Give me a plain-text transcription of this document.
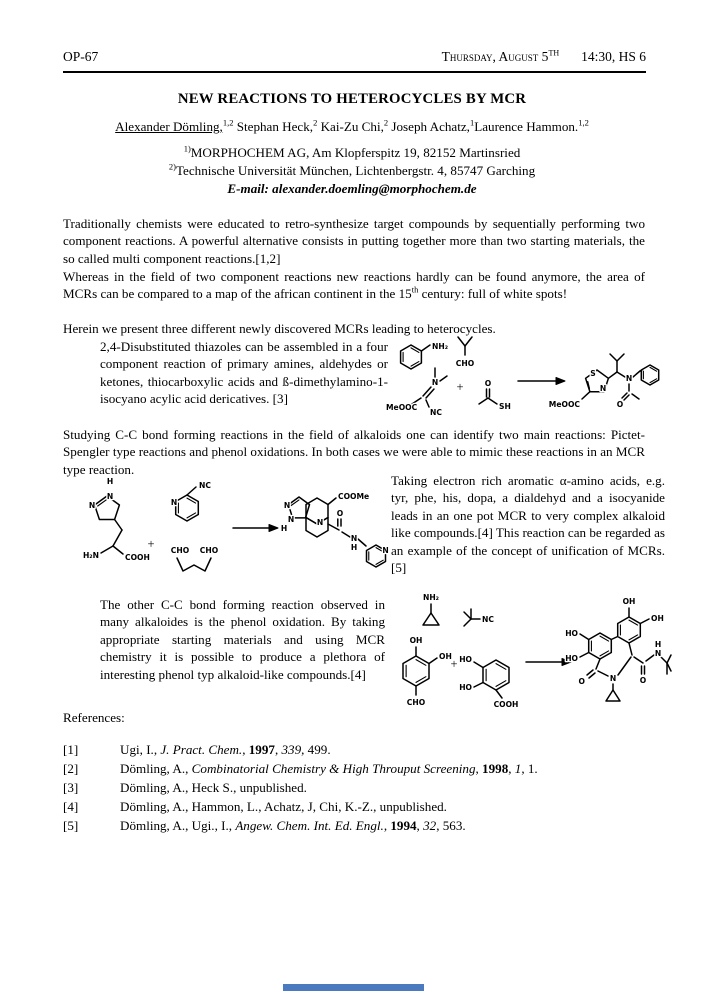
OP-67	Thursday, August 5TH 14:30, HS 6
NEW REACTIONS TO HETEROCYCLES BY MCR
Alexander Dömling,$^{1,2}$ Stephan Heck,$^2$ Kai-Zu Chi,$^2$ Joseph Achatz,$^1$Laurence Hammon.$^{1,2}$
$^{1)}$MORPHOCHEM AG, Am Klopferspitz 19, 82152 Martinsried
$^{2)}$Technische Universität München, Lichtenbergstr. 4, 85747 Garching
E-mail: alexander.doemling@morphochem.de

Traditionally chemists were educated to retro-synthesize target compounds by sequentially performing two component reactions. A powerful alternative consists in putting together more than two starting materials, the so called multi component reactions.[1,2]

Whereas in the field of two component reactions new reactions hardly can be found anymore, the area of MCRs can be compared to a map of the african continent in the 15th century: full of white spots!

Herein we present three different newly discovered MCRs leading to heterocycles.

2,4-Disubstituted thiazoles can be assembled in a four component reaction of primary amines, aldehydes or ketones, thiocarboxylic acids and ß-dimethylamino-1-isocyano acylic acid dericatives. [3]

NH₂
CHO
N
MeOOC
NC
+	O
SH
S
N
N
MeOOC	O

Studying C-C bond forming reactions in the field of alkaloids one can identify two main reactions: Pictet-Spengler type reactions and phenol oxidations. In both cases we were able to mimic these reactions in an MCR type reaction.

H
N
N
H₂N	COOH
+
N
NC
CHO CHO
N
N
H
N
COOMe
O
N
H	N

Taking electron rich aromatic α-amino acids, e.g. tyr, phe, his, dopa, a dialdehyd and a isocyanide leads in an one pot MCR to very complex alkaloid like compounds.[4] This reaction can be regarded as an example of the concept of unification of MCRs.[5]

The other C-C bond forming reaction observed in many alkaloides is the phenol oxidation. By taking appropriate starting materials and using MCR chemistry it is possible to produce a plethora of interesting phenol typ alkaloid-like compounds.[4]

NH₂
NC
OH
OH
CHO
+ HO
HO
COOH
HO
HO
OH
OH
O	N	O
H
N
References:
[1]	Ugi, I., J. Pract. Chem., 1997, 339, 499.
[2]	Dömling, A., Combinatorial Chemistry & High Throuput Screening, 1998, 1, 1.
[3]	Dömling, A., Heck S., unpublished.
[4]	Dömling, A., Hammon, L., Achatz, J, Chi, K.-Z., unpublished.
[5]	Dömling, A., Ugi., I., Angew. Chem. Int. Ed. Engl., 1994, 32, 563.
